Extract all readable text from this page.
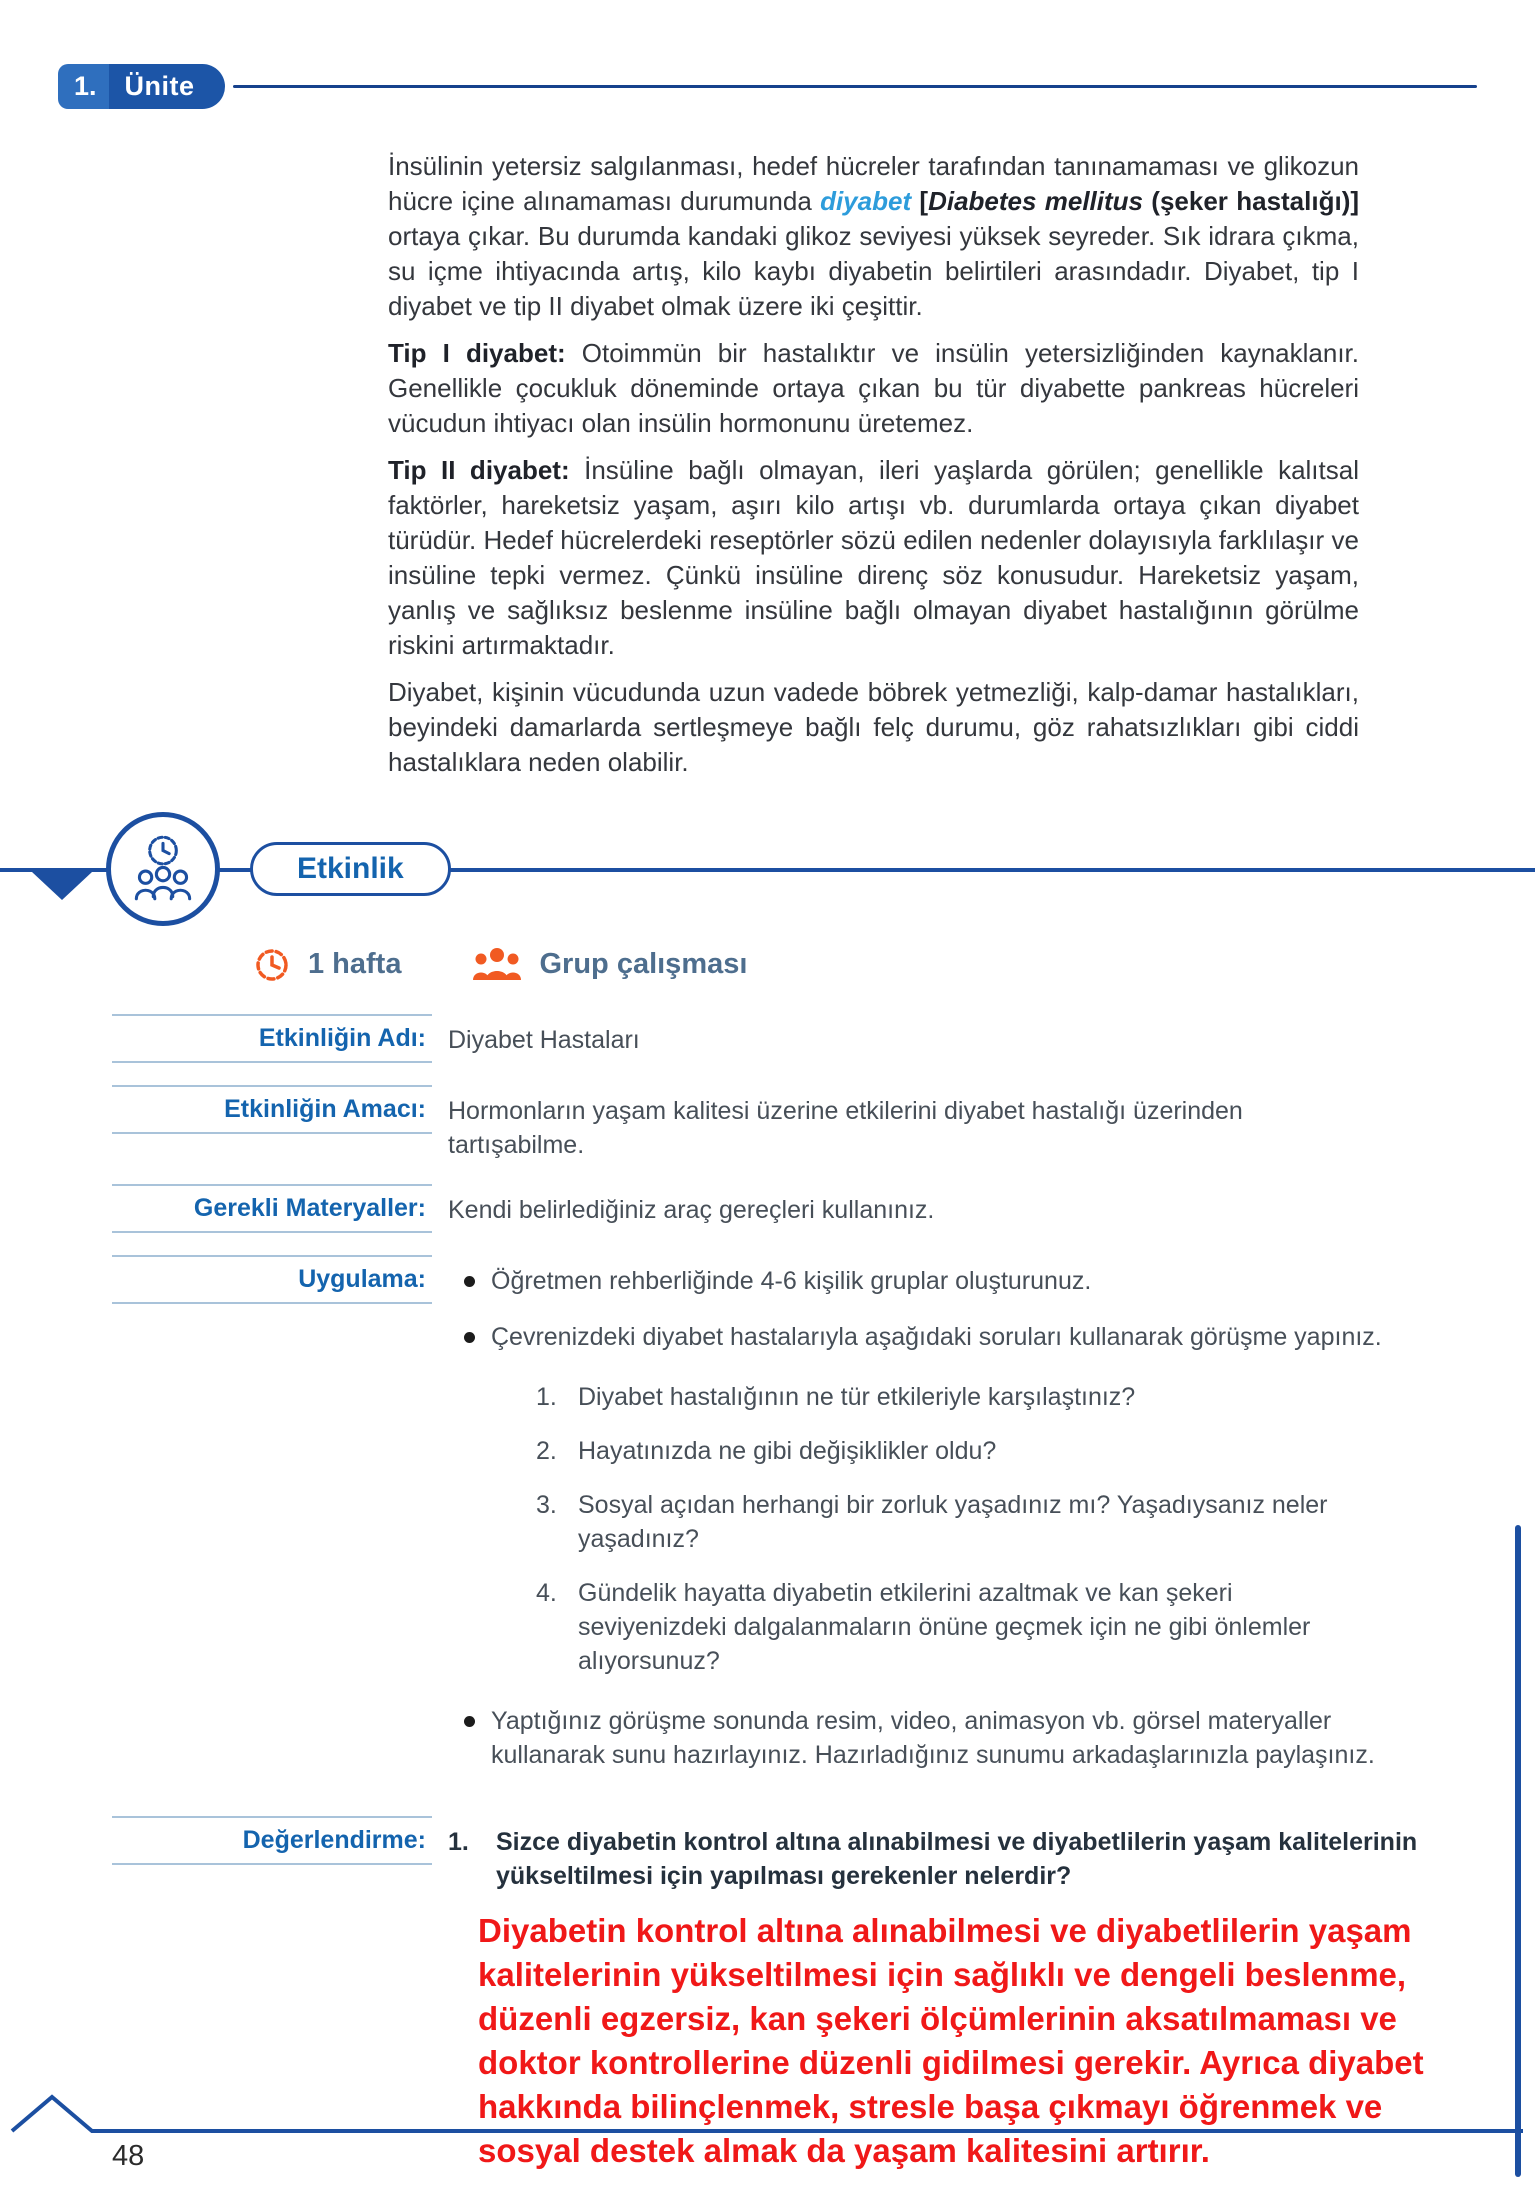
1.	Ünite

İnsülinin yetersiz salgılanması, hedef hücreler tarafından tanınamaması ve glikozun hücre içine alınamaması durumunda diyabet [Diabetes mellitus (şeker hastalığı)] ortaya çıkar. Bu durumda kandaki glikoz seviyesi yüksek seyreder. Sık idrara çıkma, su içme ihtiyacında artış, kilo kaybı diyabetin belirtileri arasındadır. Diyabet, tip I diyabet ve tip II diyabet olmak üzere iki çeşittir.

Tip I diyabet: Otoimmün bir hastalıktır ve insülin yetersizliğinden kaynaklanır. Genellikle çocukluk döneminde ortaya çıkan bu tür diyabette pankreas hücreleri vücudun ihtiyacı olan insülin hormonunu üretemez.

Tip II diyabet: İnsüline bağlı olmayan, ileri yaşlarda görülen; genellikle kalıtsal faktörler, hareketsiz yaşam, aşırı kilo artışı vb. durumlarda ortaya çıkan diyabet türüdür. Hedef hücrelerdeki reseptörler sözü edilen nedenler dolayısıyla farklılaşır ve insüline tepki vermez. Çünkü insüline direnç söz konusudur. Hareketsiz yaşam, yanlış ve sağlıksız beslenme insüline bağlı olmayan diyabet hastalığının görülme riskini artırmaktadır.

Diyabet, kişinin vücudunda uzun vadede böbrek yetmezliği, kalp-damar hastalıkları, beyindeki damarlarda sertleşmeye bağlı felç durumu, göz rahatsızlıkları gibi ciddi hastalıklara neden olabilir.

Etkinlik
1 hafta	Grup çalışması
Etkinliğin Adı: Diyabet Hastaları
Etkinliğin Amacı: Hormonların yaşam kalitesi üzerine etkilerini diyabet hastalığı üzerinden tartışabilme.
Gerekli Materyaller: Kendi belirlediğiniz araç gereçleri kullanınız.
Uygulama:	Öğretmen rehberliğinde 4-6 kişilik gruplar oluşturunuz.
Çevrenizdeki diyabet hastalarıyla aşağıdaki soruları kullanarak görüşme yapınız.
1. Diyabet hastalığının ne tür etkileriyle karşılaştınız?
2. Hayatınızda ne gibi değişiklikler oldu?
3. Sosyal açıdan herhangi bir zorluk yaşadınız mı? Yaşadıysanız neler yaşadınız?
4. Gündelik hayatta diyabetin etkilerini azaltmak ve kan şekeri seviyenizdeki dalgalanmaların önüne geçmek için ne gibi önlemler alıyorsunuz?
Yaptığınız görüşme sonunda resim, video, animasyon vb. görsel materyaller kullanarak sunu hazırlayınız. Hazırladığınız sunumu arkadaşlarınızla paylaşınız.
Değerlendirme: 1.	Sizce diyabetin kontrol altına alınabilmesi ve diyabetlilerin yaşam kalitelerinin yükseltilmesi için yapılması gerekenler nelerdir?
Diyabetin kontrol altına alınabilmesi ve diyabetlilerin yaşam kalitelerinin yükseltilmesi için sağlıklı ve dengeli beslenme, düzenli egzersiz, kan şekeri ölçümlerinin aksatılmaması ve doktor kontrollerine düzenli gidilmesi gerekir. Ayrıca diyabet hakkında bilinçlenmek, stresle başa çıkmayı öğrenmek ve sosyal destek almak da yaşam kalitesini artırır.
48
